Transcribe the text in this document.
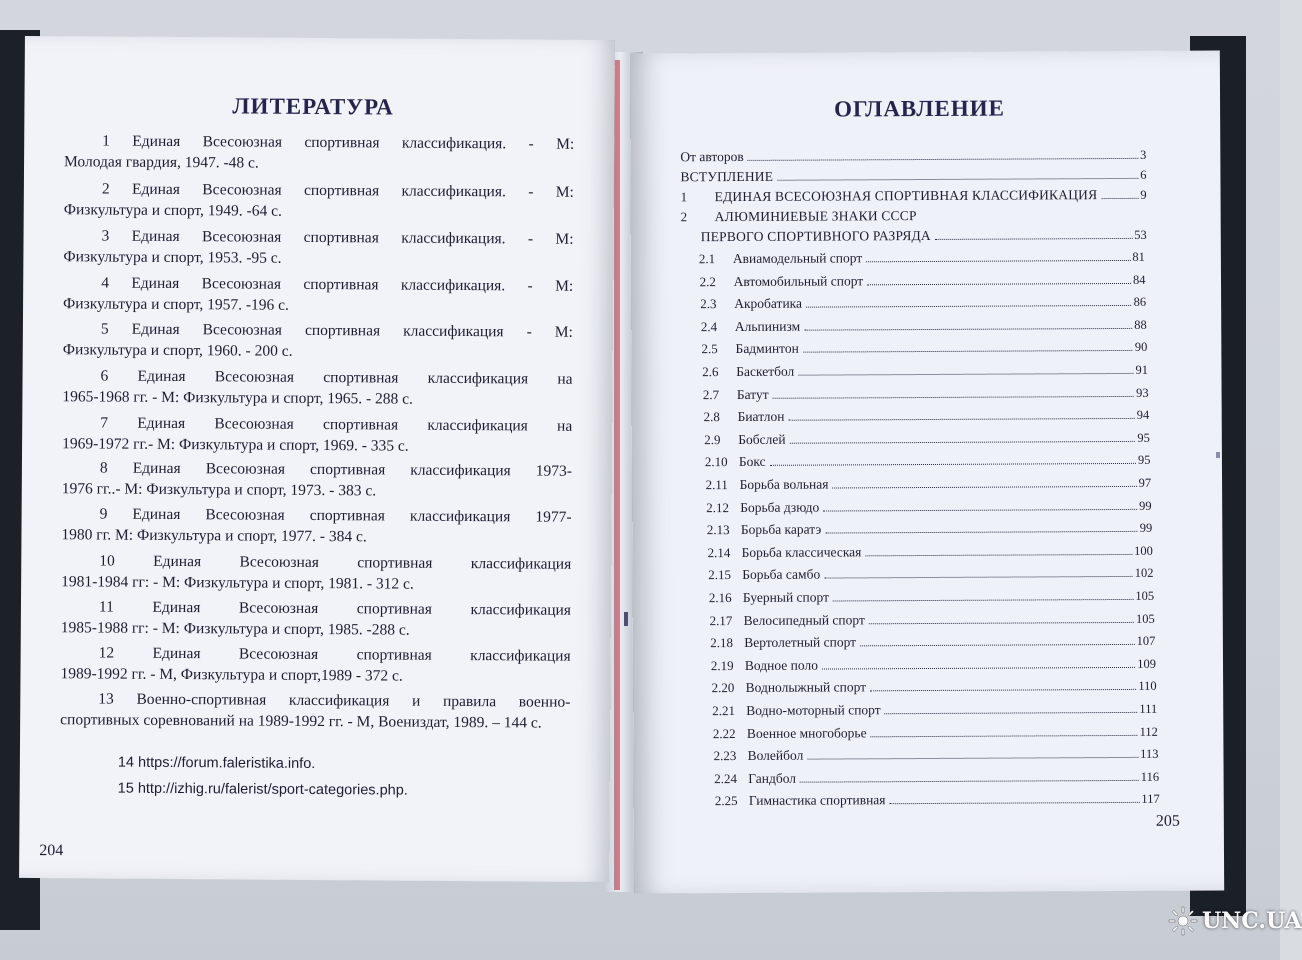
ЛИТЕРАТУРА
1 Единая Всесоюзная спортивная классификация. - М:
Молодая гвардия, 1947. -48 с.
2 Единая Всесоюзная спортивная классификация. - М:
Физкультура и спорт, 1949. -64 с.
3 Единая Всесоюзная спортивная классификация. - М:
Физкультура и спорт, 1953. -95 с.
4 Единая Всесоюзная спортивная классификация. - М:
Физкультура и спорт, 1957. -196 с.
5 Единая Всесоюзная спортивная классификация - М:
Физкультура и спорт, 1960. - 200 с.
6 Единая Всесоюзная спортивная классификация на
1965-1968 гг. - М: Физкультура и спорт, 1965. - 288 с.
7 Единая Всесоюзная спортивная классификация на
1969-1972 гг.- М: Физкультура и спорт, 1969. - 335 с.
8 Единая Всесоюзная спортивная классификация 1973-
1976 гг..- М: Физкультура и спорт, 1973. - 383 с.
9 Единая Всесоюзная спортивная классификация 1977-
1980 гг. М: Физкультура и спорт, 1977. - 384 с.
10 Единая Всесоюзная спортивная классификация
1981-1984 гг: - М: Физкультура и спорт, 1981. - 312 с.
11 Единая Всесоюзная спортивная классификация
1985-1988 гг: - М: Физкультура и спорт, 1985. -288 с.
12 Единая Всесоюзная спортивная классификация
1989-1992 гг. - М, Физкультура и спорт,1989 - 372 с.
13 Военно-спортивная классификация и правила военно-
спортивных соревнований на 1989-1992 гг. - М, Воениздат, 1989. – 144 с.
14 https://forum.faleristika.info.
15 http://izhig.ru/falerist/sport-categories.php.
204
ОГЛАВЛЕНИЕ
От авторов	3
ВСТУПЛЕНИЕ	6
1	ЕДИНАЯ ВСЕСОЮЗНАЯ СПОРТИВНАЯ КЛАССИФИКАЦИЯ	9
2	АЛЮМИНИЕВЫЕ ЗНАКИ СССР
ПЕРВОГО СПОРТИВНОГО РАЗРЯДА	53
2.1	Авиамодельный спорт	81
2.2	Автомобильный спорт	84
2.3	Акробатика	86
2.4	Альпинизм	88
2.5	Бадминтон	90
2.6	Баскетбол	91
2.7	Батут	93
2.8	Биатлон	94
2.9	Бобслей	95
2.10 Бокс	95
2.11 Борьба вольная	97
2.12 Борьба дзюдо	99
2.13 Борьба каратэ	99
2.14 Борьба классическая	100
2.15 Борьба самбо	102
2.16 Буерный спорт	105
2.17 Велосипедный спорт	105
2.18 Вертолетный спорт	107
2.19 Водное поло	109
2.20 Воднолыжный спорт	110
2.21 Водно-моторный спорт	111
2.22 Военное многоборье	112
2.23 Волейбол	113
2.24 Гандбол	116
2.25 Гимнастика спортивная	117
205
UNC.UA
